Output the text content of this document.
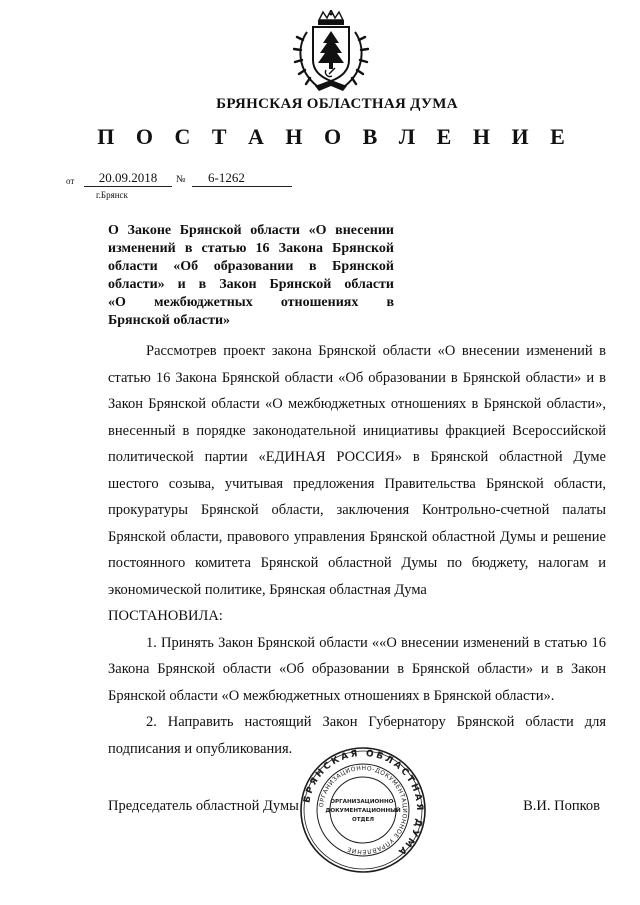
БРЯНСКАЯ ОБЛАСТНАЯ ДУМА
П О С Т А Н О В Л Е Н И Е
от	20.09.2018	№	6-1262
г.Брянск
О Законе Брянской области «О внесении
изменений в статью 16 Закона Брянской
области «Об образовании в Брянской
области» и в Закон Брянской области
«О межбюджетных отношениях в
Брянской области»

Рассмотрев проект закона Брянской области «О внесении изменений в статью 16 Закона Брянской области «Об образовании в Брянской области» и в Закон Брянской области «О межбюджетных отношениях в Брянской области», внесенный в порядке законодательной инициативы фракцией Всероссийской политической партии «ЕДИНАЯ РОССИЯ» в Брянской областной Думе шестого созыва, учитывая предложения Правительства Брянской области, прокуратуры Брянской области, заключения Контрольно-счетной палаты Брянской области, правового управления Брянской областной Думы и решение постоянного комитета Брянской областной Думы по бюджету, налогам и экономической политике, Брянская областная Дума

ПОСТАНОВИЛА:

1. Принять Закон Брянской области ««О внесении изменений в статью 16 Закона Брянской области «Об образовании в Брянской области» и в Закон Брянской области «О межбюджетных отношениях в Брянской области».

2. Направить настоящий Закон Губернатору Брянской области для подписания и опубликования.

Председатель областной Думы	В.И. Попков
БРЯНСКАЯ ОБЛАСТНАЯ ДУМА
ОРГАНИЗАЦИОННО-ДОКУМЕНТАЦИОННОЕ УПРАВЛЕНИЕ
ОРГАНИЗАЦИОННО-
ДОКУМЕНТАЦИОННЫЙ
ОТДЕЛ
